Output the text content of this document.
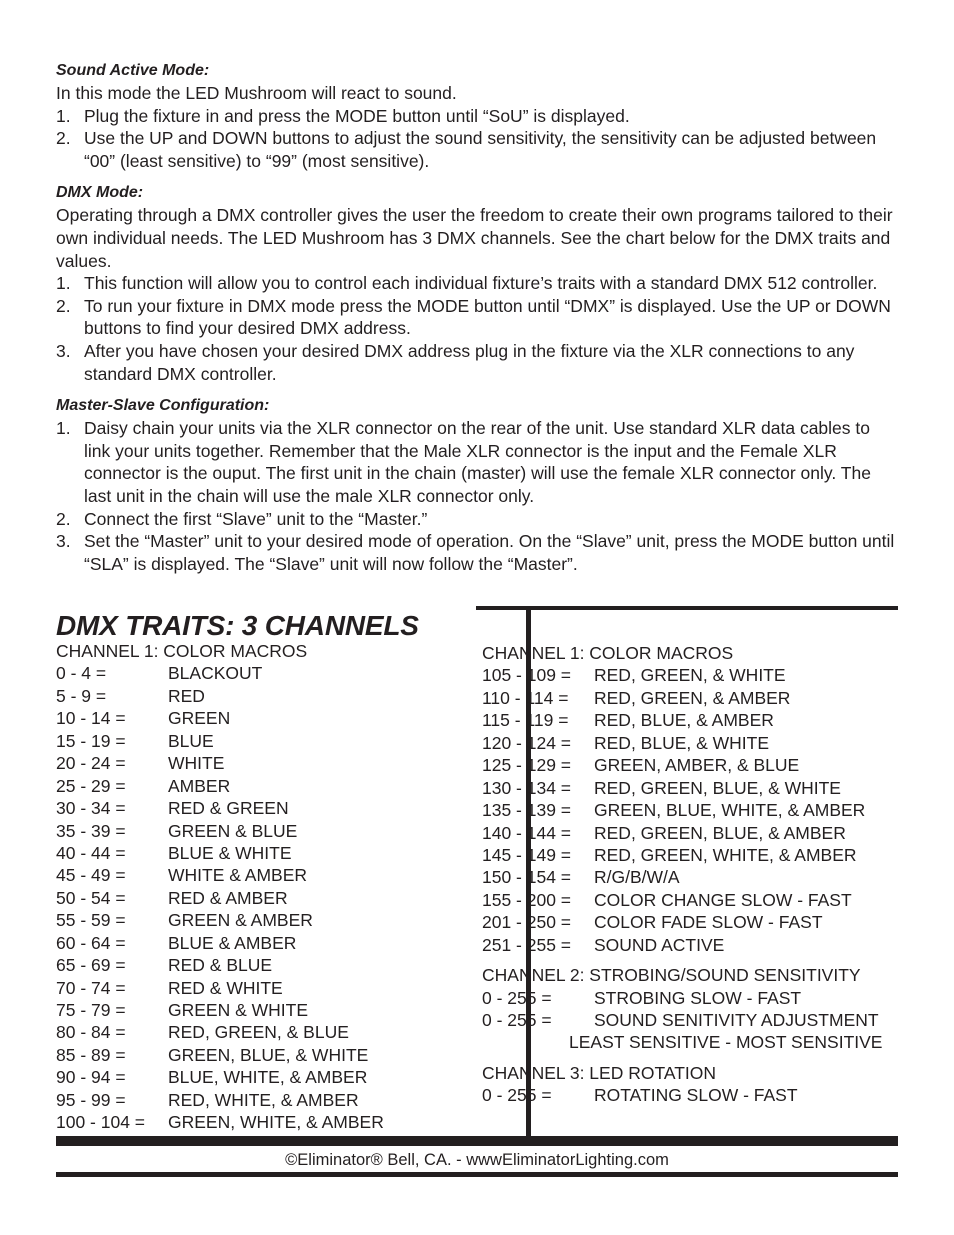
Sound Active Mode:
In this mode the LED Mushroom will react to sound.
1. Plug the fixture in and press the MODE button until “SoU” is displayed.
2. Use the UP and DOWN buttons to adjust the sound sensitivity, the sensitivity can be adjusted between “00” (least sensitive) to “99” (most sensitive).
DMX Mode:
Operating through a DMX controller gives the user the freedom to create their own programs tailored to their own individual needs. The LED Mushroom has 3 DMX channels. See the chart below for the DMX traits and values.
1. This function will allow you to control each individual fixture’s traits with a standard DMX 512 controller.
2. To run your fixture in DMX mode press the MODE button until “DMX” is displayed. Use the UP or DOWN buttons to find your desired DMX address.
3. After you have chosen your desired DMX address plug in the fixture via the XLR connections to any standard DMX controller.
Master-Slave Configuration:
1. Daisy chain your units via the XLR connector on the rear of the unit. Use standard XLR data cables to link your units together. Remember that the Male XLR connector is the input and the Female XLR connector is the ouput. The first unit in the chain (master) will use the female XLR connector only. The last unit in the chain will use the male XLR connector only.
2. Connect the first “Slave” unit to the “Master.”
3. Set the “Master” unit to your desired mode of operation. On the “Slave” unit, press the MODE button until “SLA” is displayed. The “Slave” unit will now follow the “Master”.
DMX TRAITS: 3 CHANNELS
CHANNEL 1: COLOR MACROS
0 - 4 =	BLACKOUT
5 - 9 =	RED
10 - 14 =	GREEN
15 - 19 =	BLUE
20 - 24 =	WHITE
25 - 29 =	AMBER
30 - 34 =	RED & GREEN
35 - 39 =	GREEN & BLUE
40 - 44 =	BLUE & WHITE
45 - 49 =	WHITE & AMBER
50 - 54 =	RED & AMBER
55 - 59 =	GREEN & AMBER
60 - 64 =	BLUE & AMBER
65 - 69 =	RED & BLUE
70 - 74 =	RED & WHITE
75 - 79 =	GREEN & WHITE
80 - 84 =	RED, GREEN, & BLUE
85 - 89 =	GREEN, BLUE, & WHITE
90 - 94 =	BLUE, WHITE, & AMBER
95 - 99 =	RED, WHITE, & AMBER
100 - 104 =	GREEN, WHITE, & AMBER
CHANNEL 1: COLOR MACROS
105 - 109 =	RED, GREEN, & WHITE
110 - 114 =	RED, GREEN, & AMBER
115 - 119 =	RED, BLUE, & AMBER
120 - 124 =	RED, BLUE, & WHITE
125 - 129 =	GREEN, AMBER, & BLUE
130 - 134 =	RED, GREEN, BLUE, & WHITE
135 - 139 =	GREEN, BLUE, WHITE, & AMBER
140 - 144 =	RED, GREEN, BLUE, & AMBER
145 - 149 =	RED, GREEN, WHITE, & AMBER
150 - 154 =	R/G/B/W/A
155 - 200 =	COLOR CHANGE SLOW - FAST
201 - 250 =	COLOR FADE SLOW - FAST
251 - 255 =	SOUND ACTIVE
CHANNEL 2: STROBING/SOUND SENSITIVITY
0 - 255 =	STROBING SLOW - FAST
0 - 255 =	SOUND SENITIVITY ADJUSTMENT
LEAST SENSITIVE - MOST SENSITIVE
CHANNEL 3: LED ROTATION
0 - 255 =	ROTATING SLOW - FAST
©Eliminator® Bell, CA. - wwwEliminatorLighting.com
